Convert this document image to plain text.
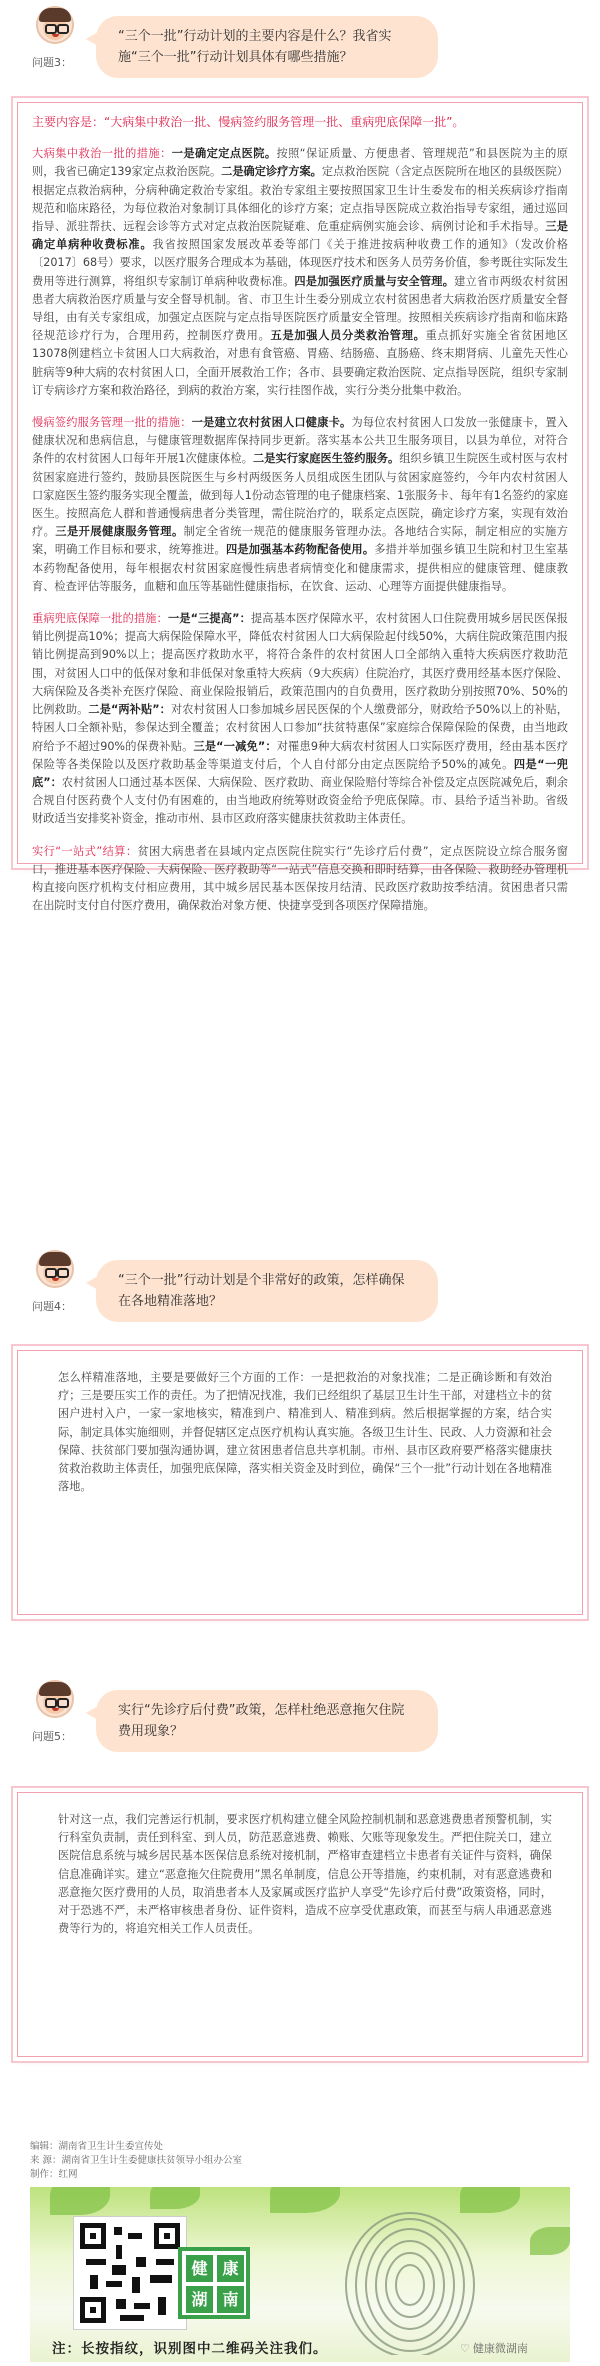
问题3：
“三个一批”行动计划的主要内容是什么？我省实施“三个一批”行动计划具体有哪些措施？

主要内容是：“大病集中救治一批、慢病签约服务管理一批、重病兜底保障一批”。

大病集中救治一批的措施：一是确定定点医院。按照“保证质量、方便患者、管理规范”和县医院为主的原则，我省已确定139家定点救治医院。二是确定诊疗方案。定点救治医院（含定点医院所在地区的县级医院）根据定点救治病种，分病种确定救治专家组。救治专家组主要按照国家卫生计生委发布的相关疾病诊疗指南规范和临床路径，为每位救治对象制订具体细化的诊疗方案；定点指导医院成立救治指导专家组，通过巡回指导、派驻帮扶、远程会诊等方式对定点救治医院疑难、危重症病例实施会诊、病例讨论和手术指导。三是确定单病种收费标准。我省按照国家发展改革委等部门《关于推进按病种收费工作的通知》（发改价格〔2017〕68号）要求，以医疗服务合理成本为基础，体现医疗技术和医务人员劳务价值，参考既往实际发生费用等进行测算，将组织专家制订单病种收费标准。四是加强医疗质量与安全管理。建立省市两级农村贫困患者大病救治医疗质量与安全督导机制。省、市卫生计生委分别成立农村贫困患者大病救治医疗质量安全督导组，由有关专家组成，加强定点医院与定点指导医院医疗质量安全管理。按照相关疾病诊疗指南和临床路径规范诊疗行为，合理用药，控制医疗费用。五是加强人员分类救治管理。重点抓好实施全省贫困地区13078例建档立卡贫困人口大病救治，对患有食管癌、胃癌、结肠癌、直肠癌、终末期肾病、儿童先天性心脏病等9种大病的农村贫困人口，全面开展救治工作；各市、县要确定救治医院、定点指导医院，组织专家制订专病诊疗方案和救治路径，到病的救治方案，实行挂图作战，实行分类分批集中救治。

慢病签约服务管理一批的措施：一是建立农村贫困人口健康卡。为每位农村贫困人口发放一张健康卡，置入健康状况和患病信息，与健康管理数据库保持同步更新。落实基本公共卫生服务项目，以县为单位，对符合条件的农村贫困人口每年开展1次健康体检。二是实行家庭医生签约服务。组织乡镇卫生院医生或村医与农村贫困家庭进行签约，鼓励县医院医生与乡村两级医务人员组成医生团队与贫困家庭签约，今年内农村贫困人口家庭医生签约服务实现全覆盖，做到每人1份动态管理的电子健康档案、1张服务卡、每年有1名签约的家庭医生。按照高危人群和普通慢病患者分类管理，需住院治疗的，联系定点医院，确定诊疗方案，实现有效治疗。三是开展健康服务管理。制定全省统一规范的健康服务管理办法。各地结合实际，制定相应的实施方案，明确工作目标和要求，统筹推进。四是加强基本药物配备使用。多措并举加强乡镇卫生院和村卫生室基本药物配备使用，每年根据农村贫困家庭慢性病患者病情变化和健康需求，提供相应的健康管理、健康教育、检查评估等服务，血糖和血压等基础性健康指标，在饮食、运动、心理等方面提供健康指导。

重病兜底保障一批的措施：一是“三提高”：提高基本医疗保障水平，农村贫困人口住院费用城乡居民医保报销比例提高10%；提高大病保险保障水平，降低农村贫困人口大病保险起付线50%，大病住院政策范围内报销比例提高到90%以上；提高医疗救助水平，将符合条件的农村贫困人口全部纳入重特大疾病医疗救助范围，对贫困人口中的低保对象和非低保对象重特大疾病（9大疾病）住院治疗，其医疗费用经基本医疗保险、大病保险及各类补充医疗保险、商业保险报销后，政策范围内的自负费用，医疗救助分别按照70%、50%的比例救助。二是“两补贴”：对农村贫困人口参加城乡居民医保的个人缴费部分，财政给予50%以上的补贴，特困人口全额补贴，参保达到全覆盖；农村贫困人口参加“扶贫特惠保”家庭综合保障保险的保费，由当地政府给予不超过90%的保费补贴。三是“一减免”：对罹患9种大病农村贫困人口实际医疗费用，经由基本医疗保险等各类保险以及医疗救助基金等渠道支付后，个人自付部分由定点医院给予50%的减免。四是“一兜底”：农村贫困人口通过基本医保、大病保险、医疗救助、商业保险赔付等综合补偿及定点医院减免后，剩余合规自付医药费个人支付仍有困难的，由当地政府统筹财政资金给予兜底保障。市、县给予适当补助。省级财政适当安排奖补资金，推动市州、县市区政府落实健康扶贫救助主体责任。

实行“一站式”结算：贫困大病患者在县域内定点医院住院实行“先诊疗后付费”，定点医院设立综合服务窗口，推进基本医疗保险、大病保险、医疗救助等“一站式”信息交换和即时结算，由各保险、救助经办管理机构直接向医疗机构支付相应费用，其中城乡居民基本医保按月结清、民政医疗救助按季结清。贫困患者只需在出院时支付自付医疗费用，确保救治对象方便、快捷享受到各项医疗保障措施。

问题4：
“三个一批”行动计划是个非常好的政策，怎样确保在各地精准落地？

怎么样精准落地，主要是要做好三个方面的工作：一是把救治的对象找准；二是正确诊断和有效治疗；三是要压实工作的责任。为了把情况找准，我们已经组织了基层卫生计生干部，对建档立卡的贫困户进村入户，一家一家地核实，精准到户、精准到人、精准到病。然后根据掌握的方案，结合实际，制定具体实施细则，并督促辖区定点医疗机构认真实施。各级卫生计生、民政、人力资源和社会保障、扶贫部门要加强沟通协调，建立贫困患者信息共享机制。市州、县市区政府要严格落实健康扶贫救治救助主体责任，加强兜底保障，落实相关资金及时到位，确保“三个一批”行动计划在各地精准落地。

问题5：
实行“先诊疗后付费”政策，怎样杜绝恶意拖欠住院费用现象？

针对这一点，我们完善运行机制，要求医疗机构建立健全风险控制机制和恶意逃费患者预警机制，实行科室负责制，责任到科室、到人员，防范恶意逃费、赖账、欠账等现象发生。严把住院关口，建立医院信息系统与城乡居民基本医保信息系统对接机制，严格审查建档立卡患者有关证件与资料，确保信息准确详实。建立“恶意拖欠住院费用”黑名单制度，信息公开等措施，约束机制，对有恶意逃费和恶意拖欠医疗费用的人员，取消患者本人及家属或医疗监护人享受“先诊疗后付费”政策资格，同时，对于恐逃不严，未严格审核患者身份、证件资料，造成不应享受优惠政策，而甚至与病人串通恶意逃费等行为的，将追究相关工作人员责任。

编辑：湖南省卫生计生委宣传处
来 源：湖南省卫生计生委健康扶贫领导小组办公室
制作：红网
健 康
湖 南
注：长按指纹，识别图中二维码关注我们。	♡ 健康微湖南
